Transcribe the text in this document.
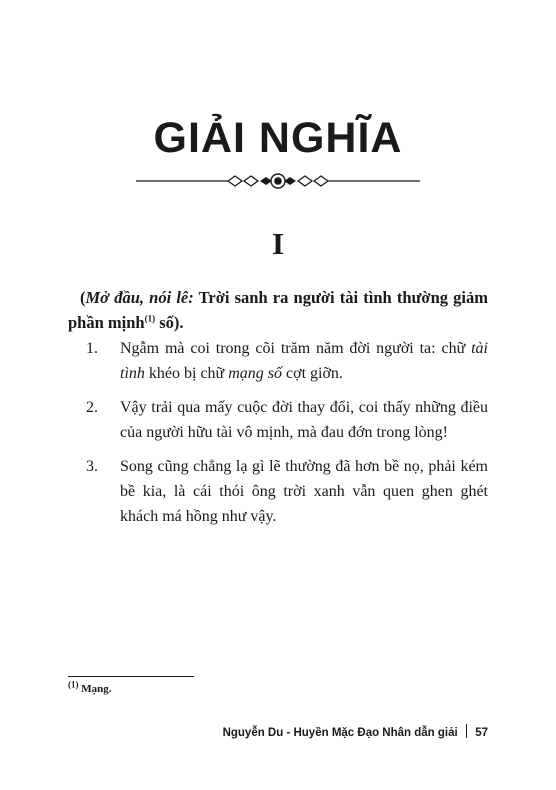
GIẢI NGHĨA
I

(Mở đầu, nói lê: Trời sanh ra người tài tình thường giảm phần mịnh$^{(1)}$ số).

1. Ngẫm mà coi trong cõi trăm năm đời người ta: chữ tài tình khéo bị chữ mạng số cợt giỡn.
2. Vậy trải qua mấy cuộc đời thay đổi, coi thấy những điều của người hữu tài vô mịnh, mà đau đớn trong lòng!
3. Song cũng chẳng lạ gì lẽ thường đã hơn bề nọ, phải kém bề kia, là cái thói ông trời xanh vẫn quen ghen ghét khách má hồng như vậy.
$^{(1)}$ Mạng.
Nguyễn Du - Huyền Mặc Đạo Nhân dẫn giải 57
